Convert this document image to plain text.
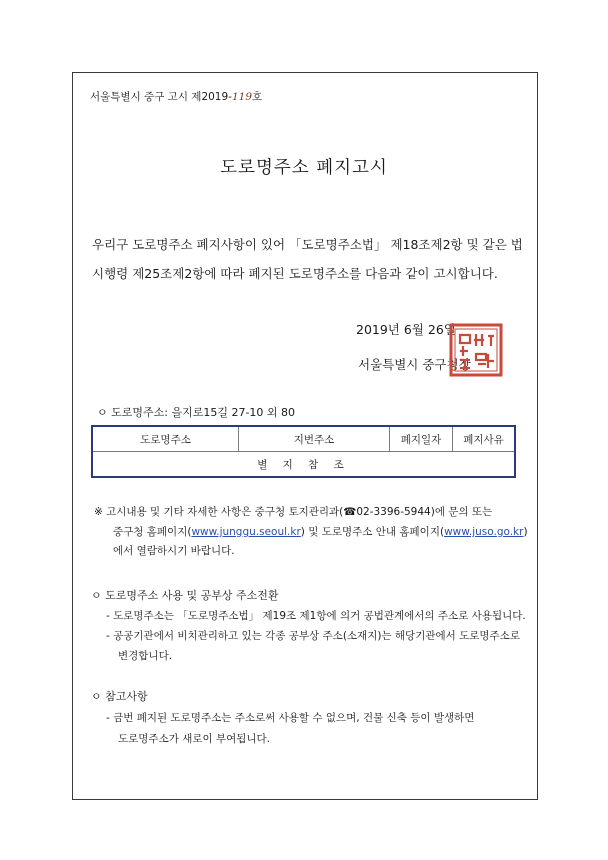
서울특별시 중구 고시 제2019-119호
도로명주소 폐지고시
우리구 도로명주소 폐지사항이 있어 「도로명주소법」 제18조제2항 및 같은 법
시행령 제25조제2항에 따라 폐지된 도로명주소를 다음과 같이 고시합니다.
2019년 6월 26일
서울특별시 중구청장
ㅇ 도로명주소: 을지로15길 27-10 외 80
도로명주소	지번주소	폐지일자	폐지사유
별 지 참 조
※ 고시내용 및 기타 자세한 사항은 중구청 토지관리과(☎02-3396-5944)에 문의 또는
중구청 홈페이지(www.junggu.seoul.kr) 및 도로명주소 안내 홈페이지(www.juso.go.kr)
에서 열람하시기 바랍니다.
ㅇ 도로명주소 사용 및 공부상 주소전환
- 도로명주소는 「도로명주소법」 제19조 제1항에 의거 공법관계에서의 주소로 사용됩니다.
- 공공기관에서 비치관리하고 있는 각종 공부상 주소(소재지)는 해당기관에서 도로명주소로
변경합니다.
ㅇ 참고사항
- 금번 폐지된 도로명주소는 주소로써 사용할 수 없으며, 건물 신축 등이 발생하면
도로명주소가 새로이 부여됩니다.
